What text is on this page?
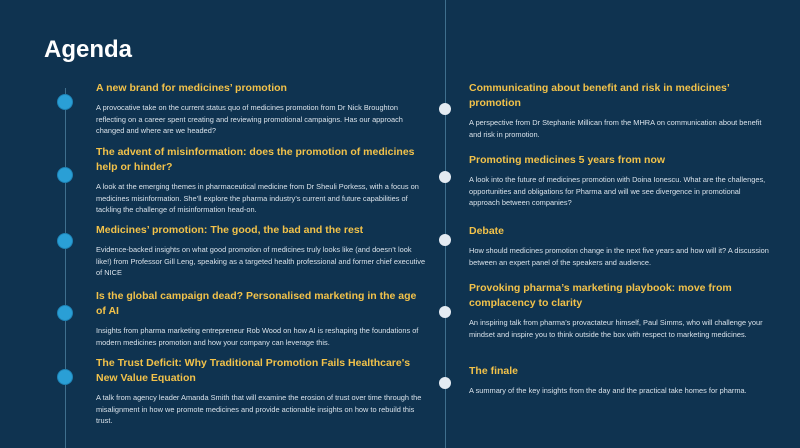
Agenda
A new brand for medicines’ promotion

A provocative take on the current status quo of medicines promotion from Dr Nick Broughton reflecting on a career spent creating and reviewing promotional campaigns. Has our approach changed and where are we headed?

The advent of misinformation: does the promotion of medicines help or hinder?

A look at the emerging themes in pharmaceutical medicine from Dr Sheuli Porkess, with a focus on medicines misinformation. She’ll explore the pharma industry’s current and future capabilities of tackling the challenge of misinformation head-on.

Medicines’ promotion: The good, the bad and the rest

Evidence-backed insights on what good promotion of medicines truly looks like (and doesn’t look like!) from Professor Gill Leng, speaking as a targeted health professional and former chief executive of NICE

Is the global campaign dead? Personalised marketing in the age of AI

Insights from pharma marketing entrepreneur Rob Wood on how AI is reshaping the foundations of modern medicines promotion and how your company can leverage this.

The Trust Deficit: Why Traditional Promotion Fails Healthcare's New Value Equation

A talk from agency leader Amanda Smith that will examine the erosion of trust over time through the misalignment in how we promote medicines and provide actionable insights on how to rebuild this trust.

Communicating about benefit and risk in medicines’ promotion

A perspective from Dr Stephanie Millican from the MHRA on communication about benefit and risk in promotion.

Promoting medicines 5 years from now

A look into the future of medicines promotion with Doina Ionescu. What are the challenges, opportunities and obligations for Pharma and will we see divergence in promotional approach between companies?

Debate

How should medicines promotion change in the next five years and how will it? A discussion between an expert panel of the speakers and audience.

Provoking pharma’s marketing playbook: move from complacency to clarity

An inspiring talk from pharma’s provactateur himself, Paul Simms, who will challenge your mindset and inspire you to think outside the box with respect to marketing medicines.

The finale

A summary of the key insights from the day and the practical take homes for pharma.
